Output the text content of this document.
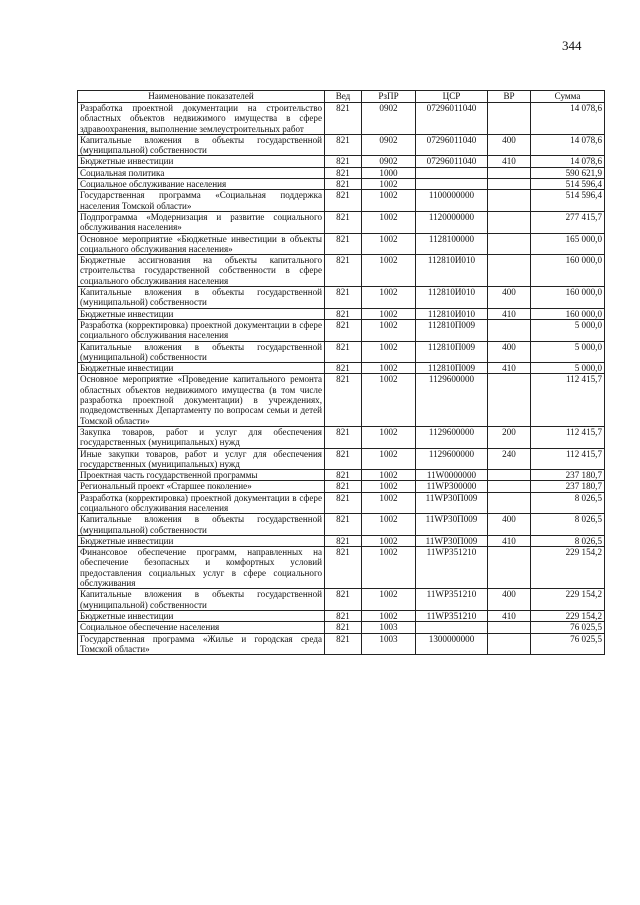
344
Наименование показателей	Вед	РзПР	ЦСР	ВР	Сумма
Разработка проектной документации на строительство областных объектов недвижимого имущества в сфере здравоохранения, выполнение землеустроительных работ	821	0902	07296011040		14 078,6
Капитальные вложения в объекты государственной (муниципальной) собственности	821	0902	07296011040	400	14 078,6
Бюджетные инвестиции	821	0902	07296011040	410	14 078,6
Социальная политика	821	1000			590 621,9
Социальное обслуживание населения	821	1002			514 596,4
Государственная программа «Социальная поддержка населения Томской области»	821	1002	1100000000		514 596,4
Подпрограмма «Модернизация и развитие социального обслуживания населения»	821	1002	1120000000		277 415,7
Основное мероприятие «Бюджетные инвестиции в объекты социального обслуживания населения»	821	1002	1128100000		165 000,0
Бюджетные ассигнования на объекты капитального строительства государственной собственности в сфере социального обслуживания населения	821	1002	112810И010		160 000,0
Капитальные вложения в объекты государственной (муниципальной) собственности	821	1002	112810И010	400	160 000,0
Бюджетные инвестиции	821	1002	112810И010	410	160 000,0
Разработка (корректировка) проектной документации в сфере социального обслуживания населения	821	1002	112810П009		5 000,0
Капитальные вложения в объекты государственной (муниципальной) собственности	821	1002	112810П009	400	5 000,0
Бюджетные инвестиции	821	1002	112810П009	410	5 000,0
Основное мероприятие «Проведение капитального ремонта областных объектов недвижимого имущества (в том числе разработка проектной документации) в учреждениях, подведомственных Департаменту по вопросам семьи и детей Томской области»	821	1002	1129600000		112 415,7
Закупка товаров, работ и услуг для обеспечения государственных (муниципальных) нужд	821	1002	1129600000	200	112 415,7
Иные закупки товаров, работ и услуг для обеспечения государственных (муниципальных) нужд	821	1002	1129600000	240	112 415,7
Проектная часть государственной программы	821	1002	11W0000000		237 180,7
Региональный проект «Старшее поколение»	821	1002	11WP300000		237 180,7
Разработка (корректировка) проектной документации в сфере социального обслуживания населения	821	1002	11WP30П009		8 026,5
Капитальные вложения в объекты государственной (муниципальной) собственности	821	1002	11WP30П009	400	8 026,5
Бюджетные инвестиции	821	1002	11WP30П009	410	8 026,5
Финансовое обеспечение программ, направленных на обеспечение безопасных и комфортных условий предоставления социальных услуг в сфере социального обслуживания	821	1002	11WP351210		229 154,2
Капитальные вложения в объекты государственной (муниципальной) собственности	821	1002	11WP351210	400	229 154,2
Бюджетные инвестиции	821	1002	11WP351210	410	229 154,2
Социальное обеспечение населения	821	1003			76 025,5
Государственная программа «Жилье и городская среда Томской области»	821	1003	1300000000		76 025,5
